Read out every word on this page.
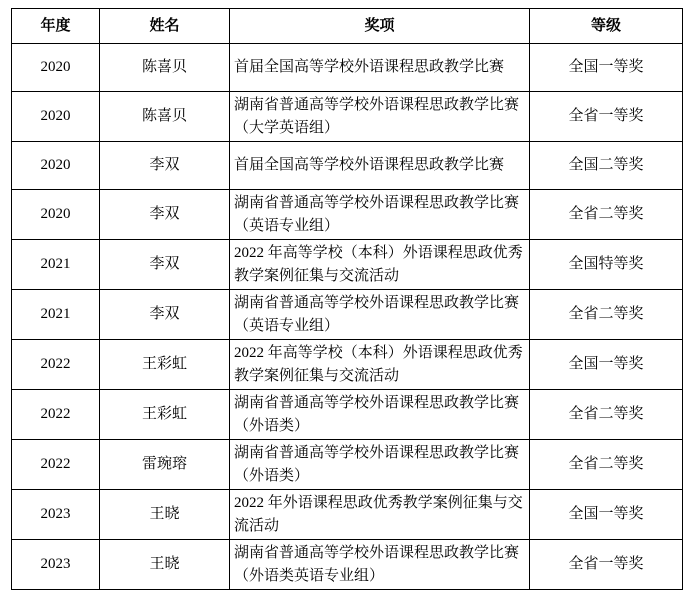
年度	姓名	奖项	等级
2020	陈喜贝	首届全国高等学校外语课程思政教学比赛	全国一等奖
2020	陈喜贝	湖南省普通高等学校外语课程思政教学比赛（大学英语组）	全省一等奖
2020	李双	首届全国高等学校外语课程思政教学比赛	全国二等奖
2020	李双	湖南省普通高等学校外语课程思政教学比赛（英语专业组）	全省二等奖
2021	李双	2022 年高等学校（本科）外语课程思政优秀教学案例征集与交流活动	全国特等奖
2021	李双	湖南省普通高等学校外语课程思政教学比赛（英语专业组）	全省二等奖
2022	王彩虹	2022 年高等学校（本科）外语课程思政优秀教学案例征集与交流活动	全国一等奖
2022	王彩虹	湖南省普通高等学校外语课程思政教学比赛（外语类）	全省二等奖
2022	雷琬瑢	湖南省普通高等学校外语课程思政教学比赛（外语类）	全省二等奖
2023	王晓	2022 年外语课程思政优秀教学案例征集与交流活动	全国一等奖
2023	王晓	湖南省普通高等学校外语课程思政教学比赛（外语类英语专业组）	全省一等奖
